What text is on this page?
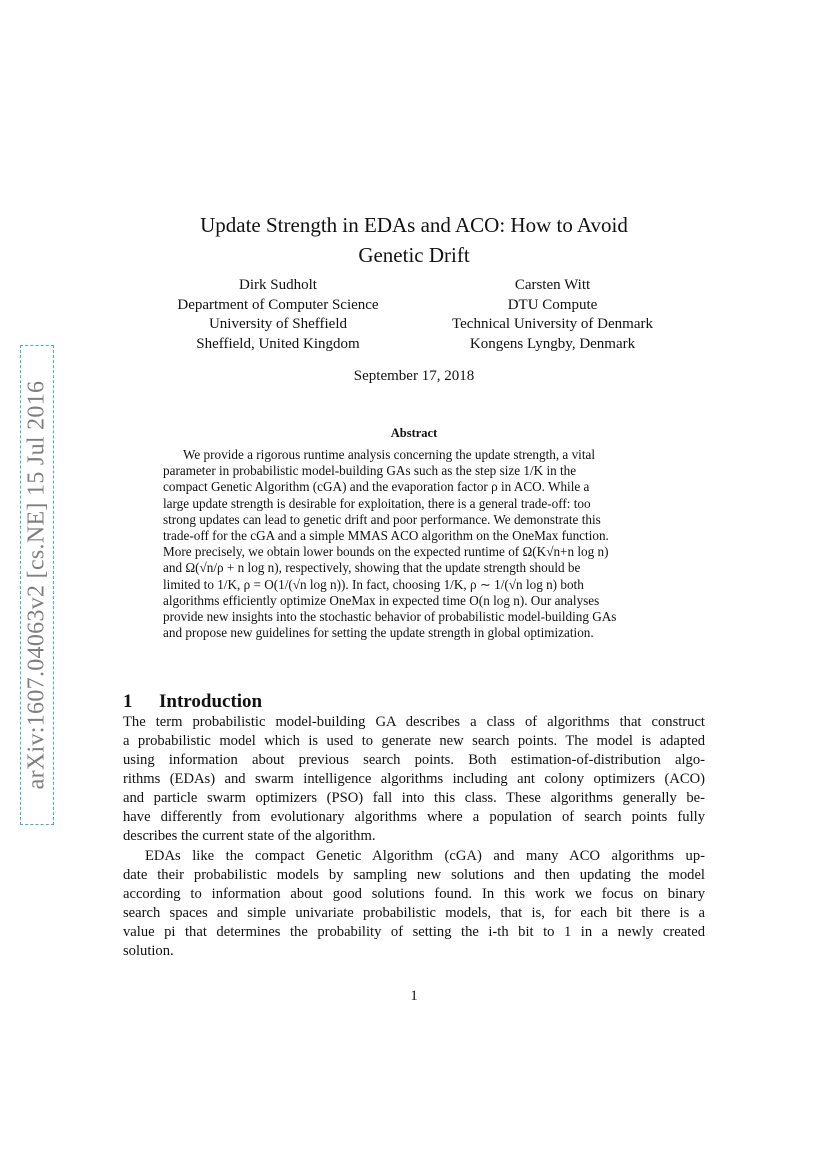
arXiv:1607.04063v2 [cs.NE] 15 Jul 2016
Update Strength in EDAs and ACO: How to Avoid
Genetic Drift
Dirk Sudholt
Department of Computer Science
University of Sheffield
Sheffield, United Kingdom
Carsten Witt
DTU Compute
Technical University of Denmark
Kongens Lyngby, Denmark
September 17, 2018
Abstract
We provide a rigorous runtime analysis concerning the update strength, a vital
parameter in probabilistic model-building GAs such as the step size 1/K in the
compact Genetic Algorithm (cGA) and the evaporation factor ρ in ACO. While a
large update strength is desirable for exploitation, there is a general trade-off: too
strong updates can lead to genetic drift and poor performance. We demonstrate this
trade-off for the cGA and a simple MMAS ACO algorithm on the OneMax function.
More precisely, we obtain lower bounds on the expected runtime of Ω(K√n+n log n)
and Ω(√n/ρ + n log n), respectively, showing that the update strength should be
limited to 1/K, ρ = O(1/(√n log n)). In fact, choosing 1/K, ρ ∼ 1/(√n log n) both
algorithms efficiently optimize OneMax in expected time O(n log n). Our analyses
provide new insights into the stochastic behavior of probabilistic model-building GAs
and propose new guidelines for setting the update strength in global optimization.
1 Introduction
The term probabilistic model-building GA describes a class of algorithms that construct
a probabilistic model which is used to generate new search points. The model is adapted
using information about previous search points. Both estimation-of-distribution algo-
rithms (EDAs) and swarm intelligence algorithms including ant colony optimizers (ACO)
and particle swarm optimizers (PSO) fall into this class. These algorithms generally be-
have differently from evolutionary algorithms where a population of search points fully
describes the current state of the algorithm.
EDAs like the compact Genetic Algorithm (cGA) and many ACO algorithms up-
date their probabilistic models by sampling new solutions and then updating the model
according to information about good solutions found. In this work we focus on binary
search spaces and simple univariate probabilistic models, that is, for each bit there is a
value pi that determines the probability of setting the i-th bit to 1 in a newly created
solution.
1
